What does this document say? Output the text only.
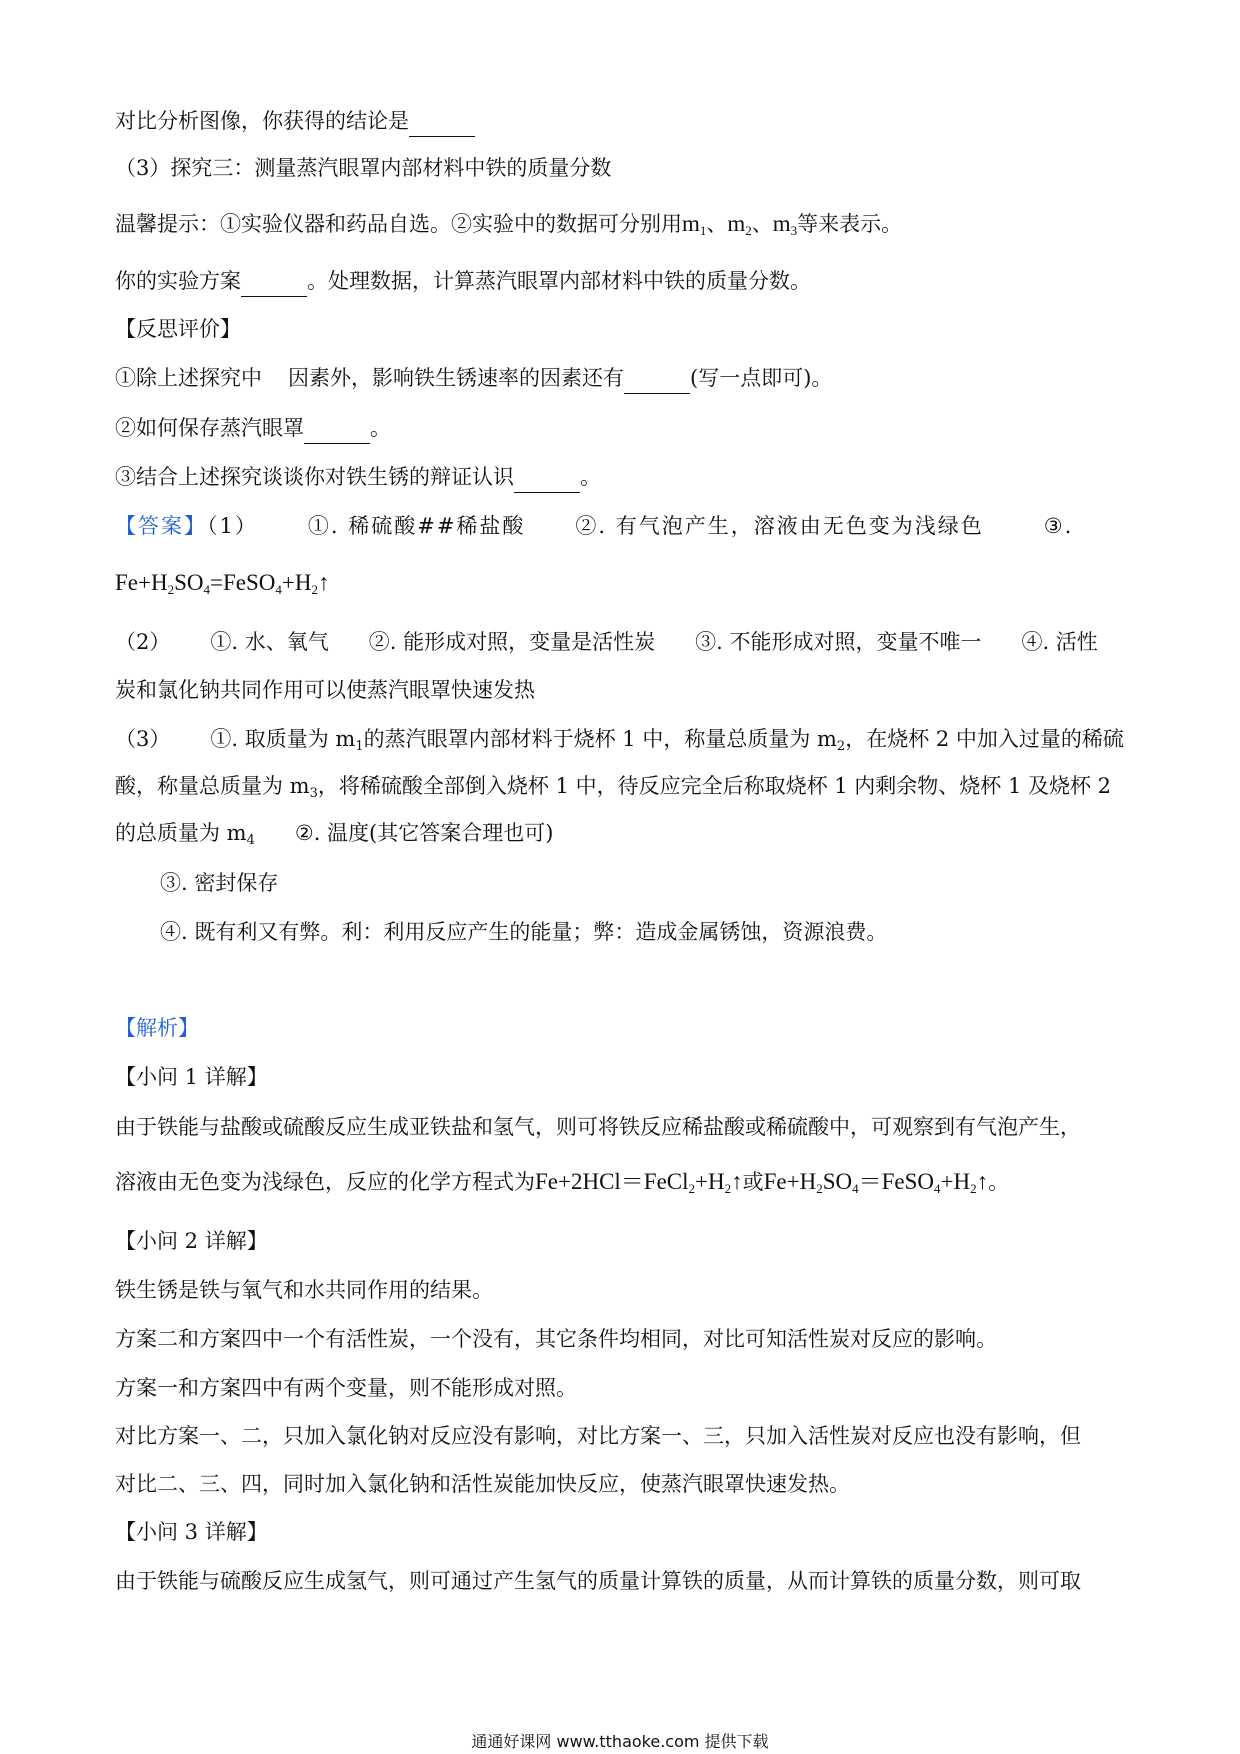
对比分析图像，你获得的结论是
（3）探究三：测量蒸汽眼罩内部材料中铁的质量分数
温馨提示：①实验仪器和药品自选。②实验中的数据可分别用$m_1$、$m_2$、$m_3$等来表示。
你的实验方案	。处理数据，计算蒸汽眼罩内部材料中铁的质量分数。
【反思评价】
①除上述探究中 因素外，影响铁生锈速率的因素还有	(写一点即可)。
②如何保存蒸汽眼罩	。
③结合上述探究谈谈你对铁生锈的辩证认识	。
【答案】（1） ①. 稀硫酸##稀盐酸 ②. 有气泡产生，溶液由无色变为浅绿色	③.
$Fe+H_2SO_4=FeSO_4+H_2↑$
（2） ①. 水、氧气 ②. 能形成对照，变量是活性炭 ③. 不能形成对照，变量不唯一 ④. 活性
炭和氯化钠共同作用可以使蒸汽眼罩快速发热
（3） ①. 取质量为 $m_1$的蒸汽眼罩内部材料于烧杯 1 中，称量总质量为 $m_2$，在烧杯 2 中加入过量的稀硫
酸，称量总质量为 $m_3$，将稀硫酸全部倒入烧杯 1 中，待反应完全后称取烧杯 1 内剩余物、烧杯 1 及烧杯 2
的总质量为 $m_4$ ②. 温度(其它答案合理也可)
③. 密封保存
④. 既有利又有弊。利：利用反应产生的能量；弊：造成金属锈蚀，资源浪费。
【解析】
【小问 1 详解】
由于铁能与盐酸或硫酸反应生成亚铁盐和氢气，则可将铁反应稀盐酸或稀硫酸中，可观察到有气泡产生，
溶液由无色变为浅绿色，反应的化学方程式为$Fe+2HCl=FeCl_2+H_2↑$或$Fe+H_2SO_4=FeSO_4+H_2↑$。
【小问 2 详解】
铁生锈是铁与氧气和水共同作用的结果。
方案二和方案四中一个有活性炭，一个没有，其它条件均相同，对比可知活性炭对反应的影响。
方案一和方案四中有两个变量，则不能形成对照。
对比方案一、二，只加入氯化钠对反应没有影响，对比方案一、三，只加入活性炭对反应也没有影响，但
对比二、三、四，同时加入氯化钠和活性炭能加快反应，使蒸汽眼罩快速发热。
【小问 3 详解】
由于铁能与硫酸反应生成氢气，则可通过产生氢气的质量计算铁的质量，从而计算铁的质量分数，则可取
通通好课网 www.tthaoke.com 提供下载
